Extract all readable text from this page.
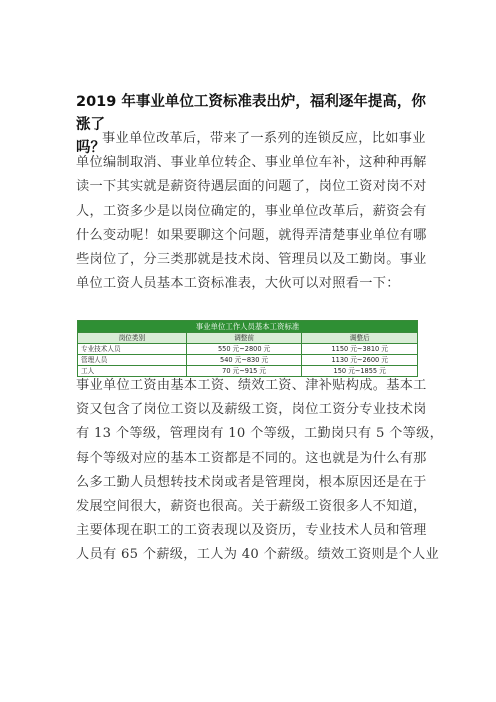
2019 年事业单位工资标准表出炉，福利逐年提高，你涨了
吗？
事业单位改革后，带来了一系列的连锁反应，比如事业
单位编制取消、事业单位转企、事业单位车补，这种种再解
读一下其实就是薪资待遇层面的问题了，岗位工资对岗不对
人，工资多少是以岗位确定的，事业单位改革后，薪资会有
什么变动呢！如果要聊这个问题，就得弄清楚事业单位有哪
些岗位了，分三类那就是技术岗、管理员以及工勤岗。事业
单位工资人员基本工资标准表，大伙可以对照看一下：
事业单位工作人员基本工资标准		
岗位类别	调整前	调整后
专业技术人员	550 元~2800 元	1150 元~3810 元
管理人员	540 元~830 元	1130 元~2600 元
工人	70 元~915 元	150 元~1855 元
事业单位工资由基本工资、绩效工资、津补贴构成。基本工
资又包含了岗位工资以及薪级工资，岗位工资分专业技术岗
有 13 个等级，管理岗有 10 个等级，工勤岗只有 5 个等级，
每个等级对应的基本工资都是不同的。这也就是为什么有那
么多工勤人员想转技术岗或者是管理岗，根本原因还是在于
发展空间很大，薪资也很高。关于薪级工资很多人不知道，
主要体现在职工的工资表现以及资历，专业技术人员和管理
人员有 65 个薪级，工人为 40 个薪级。绩效工资则是个人业
